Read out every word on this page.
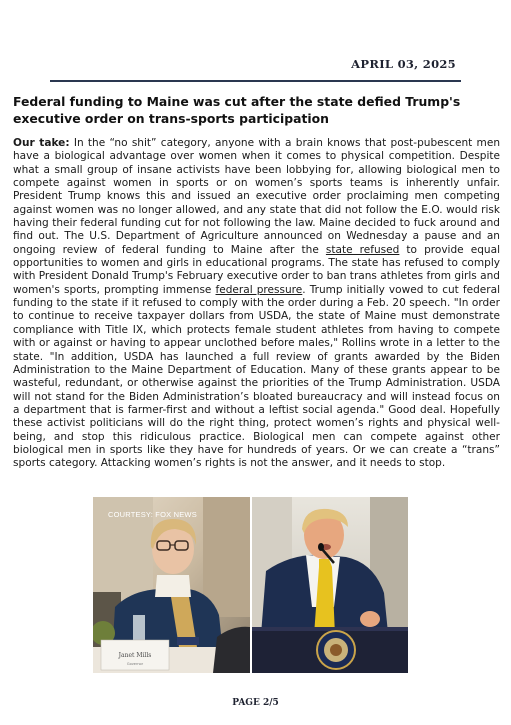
APRIL 03, 2025
Federal funding to Maine was cut after the state defied Trump's executive order on trans-sports participation

Our take: In the “no shit” category, anyone with a brain knows that post-pubescent men have a biological advantage over women when it comes to physical competition. Despite what a small group of insane activists have been lobbying for, allowing biological men to compete against women in sports or on women’s sports teams is inherently unfair. President Trump knows this and issued an executive order proclaiming men competing against women was no longer allowed, and any state that did not follow the E.O. would risk having their federal funding cut for not following the law. Maine decided to fuck around and find out. The U.S. Department of Agriculture announced on Wednesday a pause and an ongoing review of federal funding to Maine after the state refused to provide equal opportunities to women and girls in educational programs. The state has refused to comply with President Donald Trump's February executive order to ban trans athletes from girls and women's sports, prompting immense federal pressure. Trump initially vowed to cut federal funding to the state if it refused to comply with the order during a Feb. 20 speech. "In order to continue to receive taxpayer dollars from USDA, the state of Maine must demonstrate compliance with Title IX, which protects female student athletes from having to compete with or against or having to appear unclothed before males," Rollins wrote in a letter to the state. "In addition, USDA has launched a full review of grants awarded by the Biden Administration to the Maine Department of Education. Many of these grants appear to be wasteful, redundant, or otherwise against the priorities of the Trump Administration. USDA will not stand for the Biden Administration’s bloated bureaucracy and will instead focus on a department that is farmer-first and without a leftist social agenda." Good deal. Hopefully these activist politicians will do the right thing, protect women’s rights and physical well-being, and stop this ridiculous practice. Biological men can compete against other biological men in sports like they have for hundreds of years. Or we can create a “trans” sports category. Attacking women’s rights is not the answer, and it needs to stop.

Janet Mills
Governor
COURTESY: FOX NEWS
PAGE 2/5
